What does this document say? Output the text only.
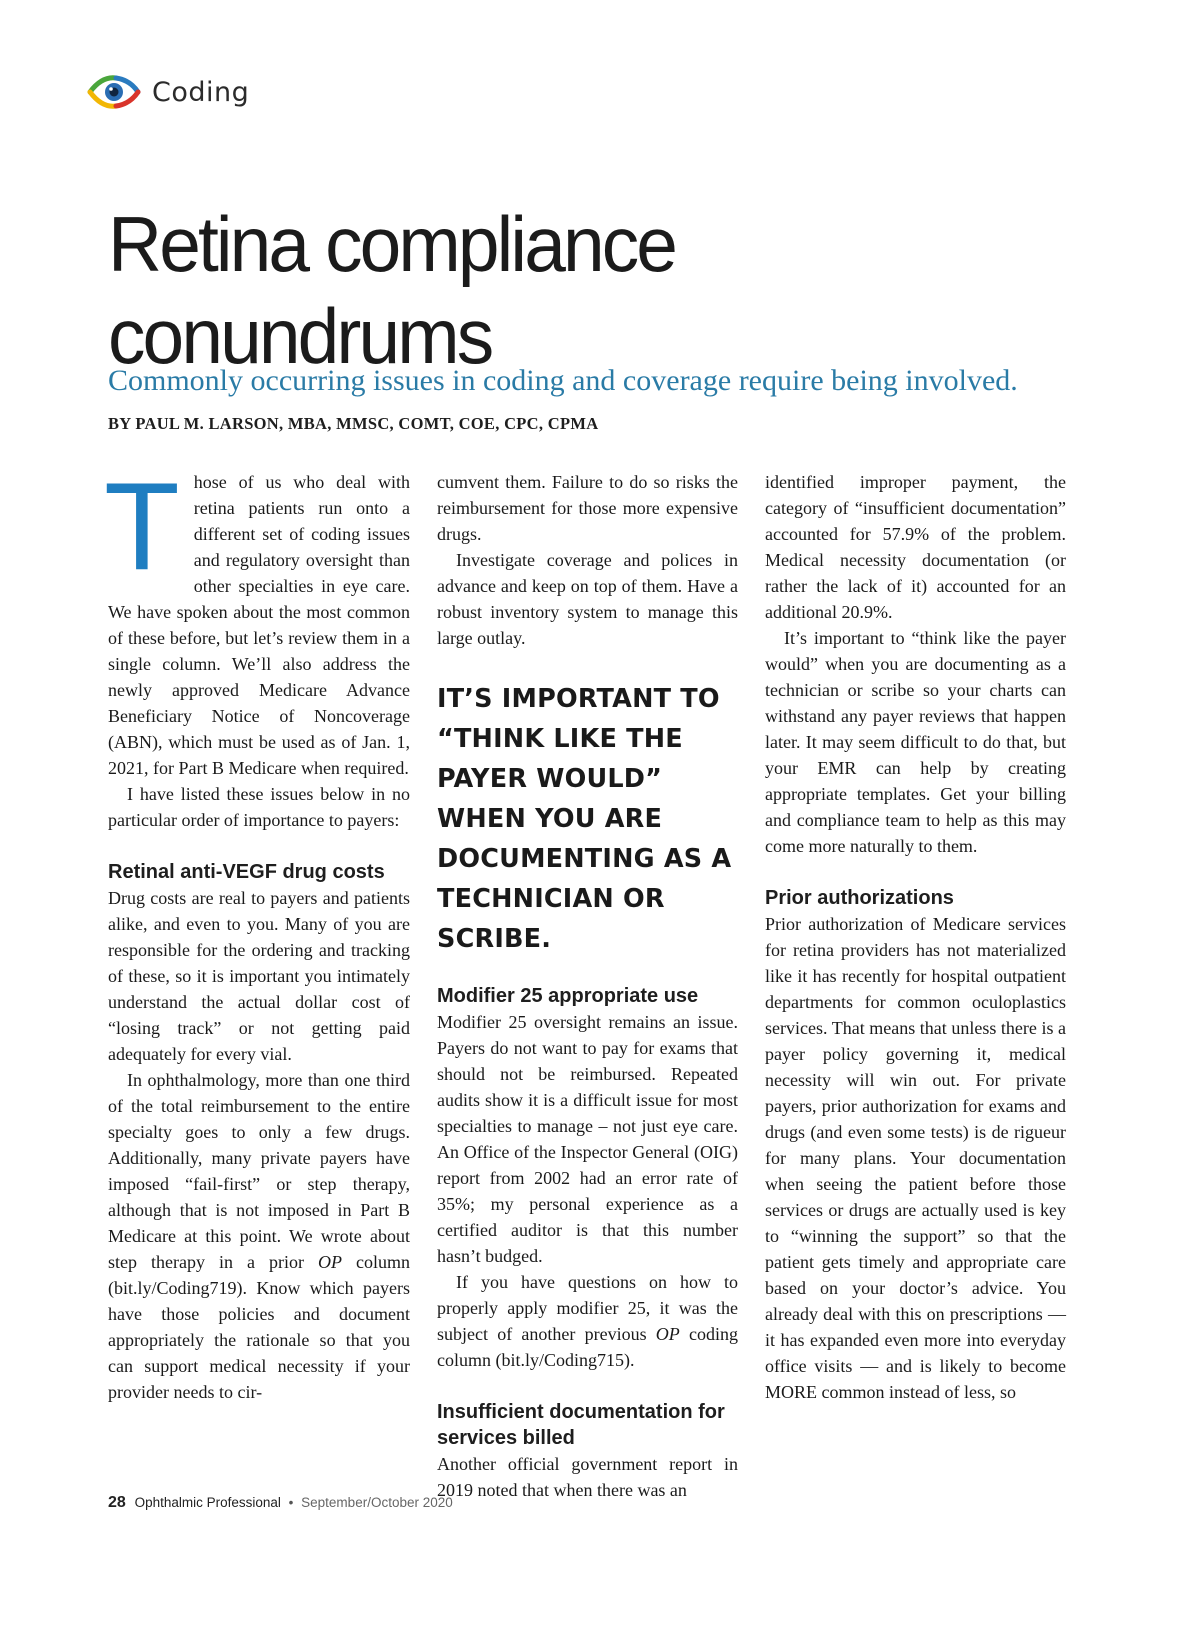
Coding
Retina compliance
conundrums
Commonly occurring issues in coding and coverage require being involved.
BY PAUL M. LARSON, MBA, MMSC, COMT, COE, CPC, CPMA

Those of us who deal with retina patients run onto a different set of coding issues and regulatory oversight than other specialties in eye care. We have spoken about the most common of these before, but let’s review them in a single column. We’ll also address the newly approved Medicare Advance Beneficiary Notice of Noncoverage (ABN), which must be used as of Jan. 1, 2021, for Part B Medicare when required.

I have listed these issues below in no particular order of importance to payers:

Retinal anti-VEGF drug costs

Drug costs are real to payers and patients alike, and even to you. Many of you are responsible for the ordering and tracking of these, so it is important you intimately understand the actual dollar cost of “losing track” or not getting paid adequately for every vial.

In ophthalmology, more than one third of the total reimbursement to the entire specialty goes to only a few drugs. Additionally, many private payers have imposed “fail-first” or step therapy, although that is not imposed in Part B Medicare at this point. We wrote about step therapy in a prior OP column (bit.ly/Coding719). Know which payers have those policies and document appropriately the rationale so that you can support medical necessity if your provider needs to cir-

cumvent them. Failure to do so risks the reimbursement for those more expensive drugs.

Investigate coverage and polices in advance and keep on top of them. Have a robust inventory system to manage this large outlay.

IT’S IMPORTANT TO “THINK LIKE THE PAYER WOULD” WHEN YOU ARE DOCUMENTING AS A TECHNICIAN OR SCRIBE.
Modifier 25 appropriate use

Modifier 25 oversight remains an issue. Payers do not want to pay for exams that should not be reimbursed. Repeated audits show it is a difficult issue for most specialties to manage – not just eye care. An Office of the Inspector General (OIG) report from 2002 had an error rate of 35%; my personal experience as a certified auditor is that this number hasn’t budged.

If you have questions on how to properly apply modifier 25, it was the subject of another previous OP coding column (bit.ly/Coding715).

Insufficient documentation for services billed

Another official government report in 2019 noted that when there was an

identified improper payment, the category of “insufficient documentation” accounted for 57.9% of the problem. Medical necessity documentation (or rather the lack of it) accounted for an additional 20.9%.

It’s important to “think like the payer would” when you are documenting as a technician or scribe so your charts can withstand any payer reviews that happen later. It may seem difficult to do that, but your EMR can help by creating appropriate templates. Get your billing and compliance team to help as this may come more naturally to them.

Prior authorizations

Prior authorization of Medicare services for retina providers has not materialized like it has recently for hospital outpatient departments for common oculoplastics services. That means that unless there is a payer policy governing it, medical necessity will win out. For private payers, prior authorization for exams and drugs (and even some tests) is de rigueur for many plans. Your documentation when seeing the patient before those services or drugs are actually used is key to “winning the support” so that the patient gets timely and appropriate care based on your doctor’s advice. You already deal with this on prescriptions — it has expanded even more into everyday office visits — and is likely to become MORE common instead of less, so

28 Ophthalmic Professional • September/October 2020
